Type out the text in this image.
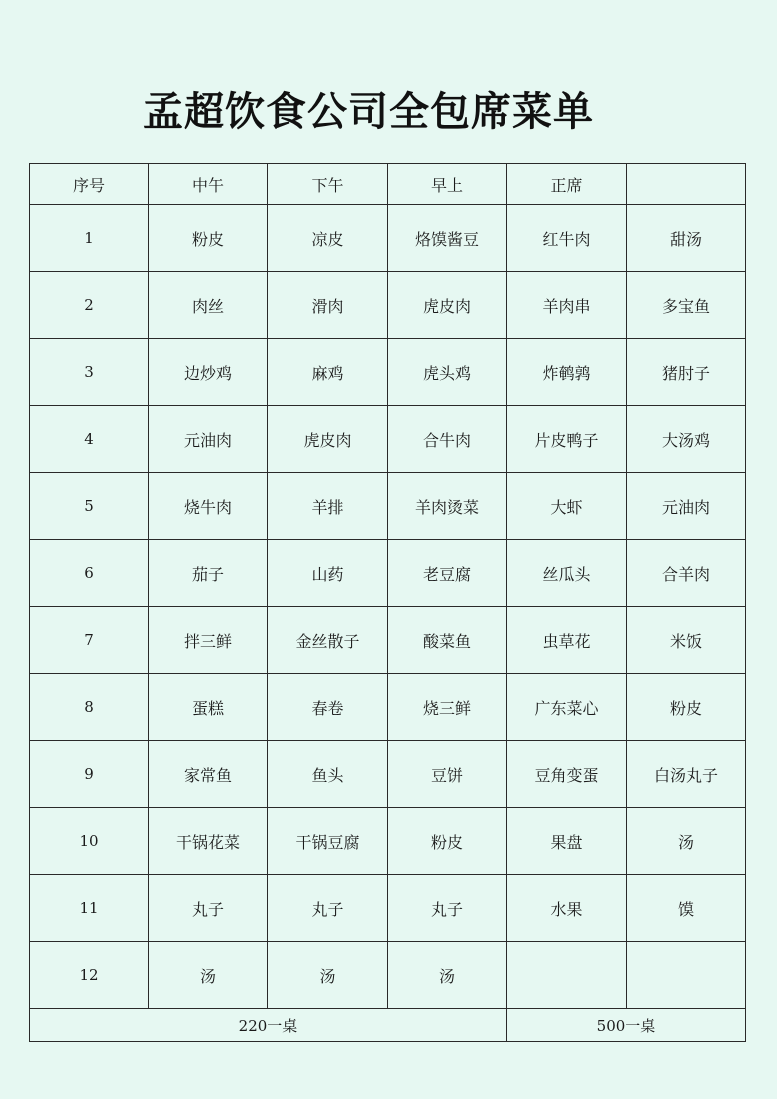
孟超饮食公司全包席菜单
序号	中午	下午	早上	正席	
1	粉皮	凉皮	烙馍酱豆	红牛肉	甜汤
2	肉丝	滑肉	虎皮肉	羊肉串	多宝鱼
3	边炒鸡	麻鸡	虎头鸡	炸鹌鹑	猪肘子
4	元油肉	虎皮肉	合牛肉	片皮鸭子	大汤鸡
5	烧牛肉	羊排	羊肉烫菜	大虾	元油肉
6	茄子	山药	老豆腐	丝瓜头	合羊肉
7	拌三鲜	金丝散子	酸菜鱼	虫草花	米饭
8	蛋糕	春卷	烧三鲜	广东菜心	粉皮
9	家常鱼	鱼头	豆饼	豆角变蛋	白汤丸子
10	干锅花菜	干锅豆腐	粉皮	果盘	汤
11	丸子	丸子	丸子	水果	馍
12	汤	汤	汤		
220一桌				500一桌	
